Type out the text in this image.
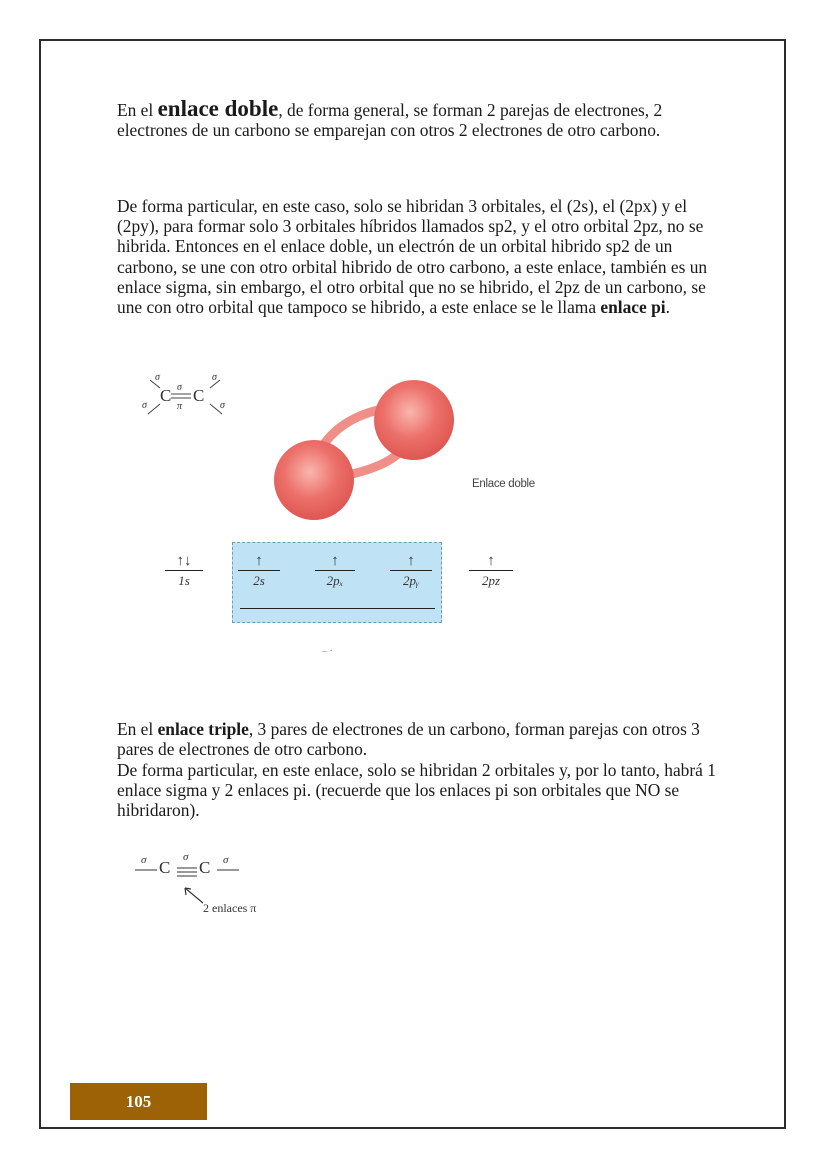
En el enlace doble, de forma general, se forman 2 parejas de electrones, 2 electrones de un carbono se emparejan con otros 2 electrones de otro carbono.

De forma particular, en este caso, solo se hibridan 3 orbitales, el (2s), el (2px) y el (2py), para formar solo 3 orbitales híbridos llamados sp2, y el otro orbital 2pz, no se hibrida. Entonces en el enlace doble, un electrón de un orbital hibrido sp2 de un carbono, se une con otro orbital hibrido de otro carbono, a este enlace, también es un enlace sigma, sin embargo, el otro orbital que no se hibrido, el 2pz de un carbono, se une con otro orbital que tampoco se hibrido, a este enlace se le llama enlace pi.

σ
σ
C σ
π
C
σ
σ
Enlace doble
↑↓
1s
↑
2s
↑
2pₓ
↑
2pᵧ
↑
2pz
– ·

En el enlace triple, 3 pares de electrones de un carbono, forman parejas con otros 3 pares de electrones de otro carbono.

De forma particular, en este enlace, solo se hibridan 2 orbitales y, por lo tanto, habrá 1 enlace sigma y 2 enlaces pi. (recuerde que los enlaces pi son orbitales que NO se hibridaron).

σ C
σ
C σ
2 enlaces π
105
